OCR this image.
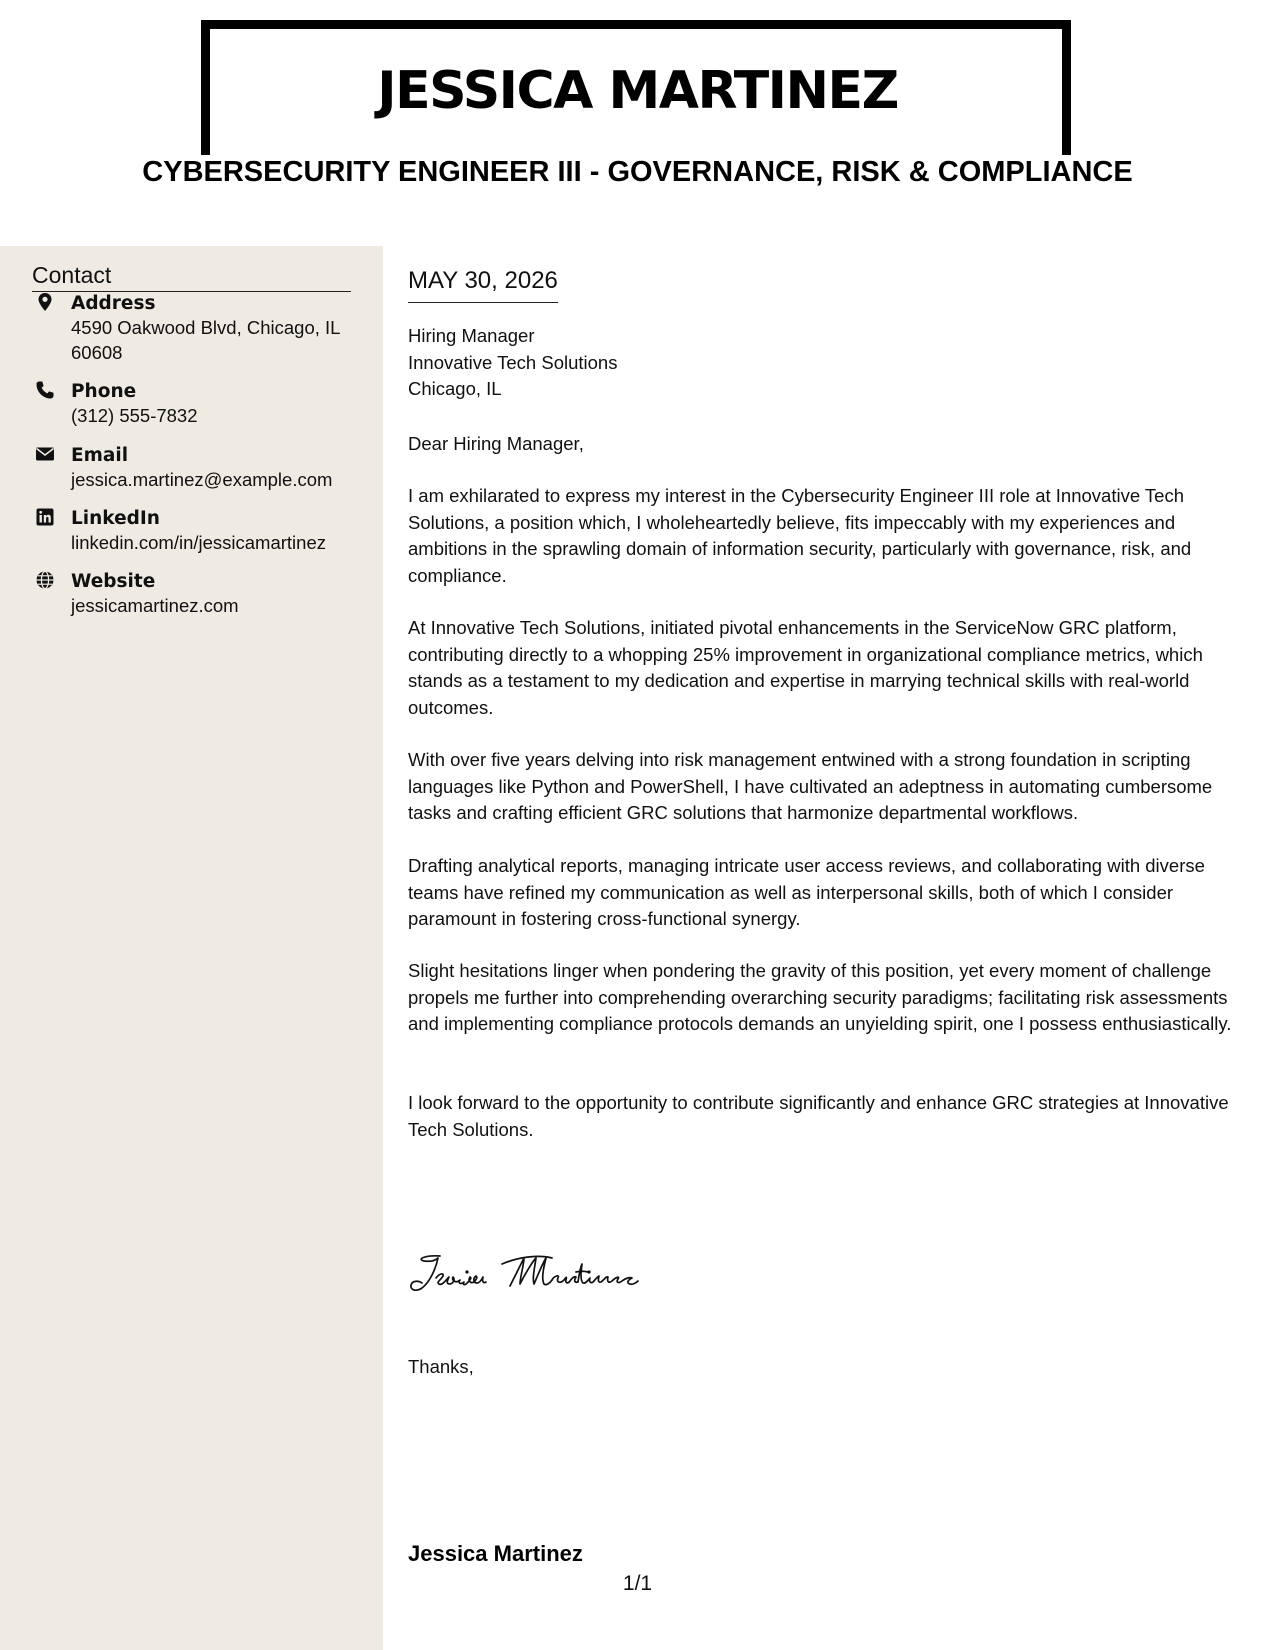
JESSICA MARTINEZ
CYBERSECURITY ENGINEER III - GOVERNANCE, RISK & COMPLIANCE
Contact
Address
4590 Oakwood Blvd, Chicago, IL 60608
Phone
(312) 555-7832
Email
jessica.martinez@example.com
LinkedIn
linkedin.com/in/jessicamartinez
Website
jessicamartinez.com
MAY 30, 2026
Hiring Manager
Innovative Tech Solutions
Chicago, IL
Dear Hiring Manager,
I am exhilarated to express my interest in the Cybersecurity Engineer III role at Innovative Tech Solutions, a position which, I wholeheartedly believe, fits impeccably with my experiences and ambitions in the sprawling domain of information security, particularly with governance, risk, and compliance.
At Innovative Tech Solutions, initiated pivotal enhancements in the ServiceNow GRC platform, contributing directly to a whopping 25% improvement in organizational compliance metrics, which stands as a testament to my dedication and expertise in marrying technical skills with real-world outcomes.
With over five years delving into risk management entwined with a strong foundation in scripting languages like Python and PowerShell, I have cultivated an adeptness in automating cumbersome tasks and crafting efficient GRC solutions that harmonize departmental workflows.
Drafting analytical reports, managing intricate user access reviews, and collaborating with diverse teams have refined my communication as well as interpersonal skills, both of which I consider paramount in fostering cross-functional synergy.
Slight hesitations linger when pondering the gravity of this position, yet every moment of challenge propels me further into comprehending overarching security paradigms; facilitating risk assessments and implementing compliance protocols demands an unyielding spirit, one I possess enthusiastically.
I look forward to the opportunity to contribute significantly and enhance GRC strategies at Innovative Tech Solutions.
Thanks,
Jessica Martinez
1/1
